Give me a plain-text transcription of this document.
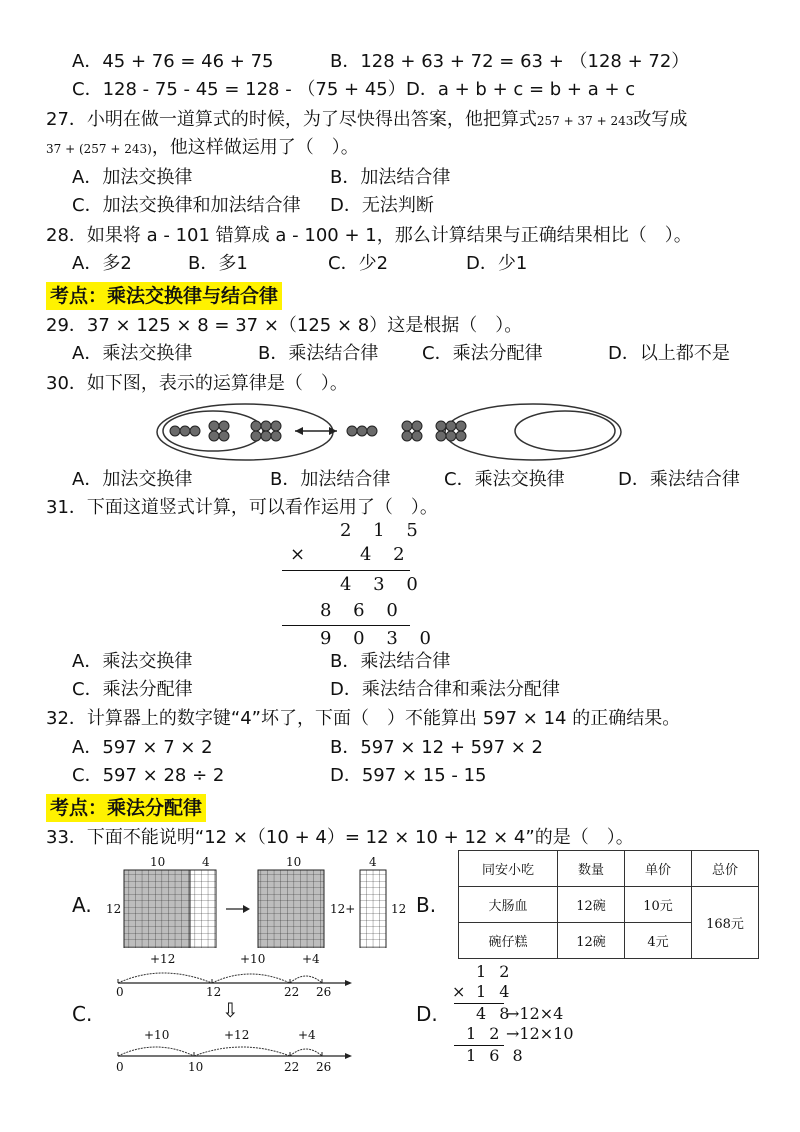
A．45 + 76 = 46 + 75	B．128 + 63 + 72 = 63 + （128 + 72）
C．128 - 75 - 45 = 128 - （75 + 45） D．a + b + c = b + a + c
27．小明在做一道算式的时候，为了尽快得出答案，他把算式257 + 37 + 243改写成
37 + (257 + 243)，他这样做运用了（　）。
A．加法交换律	B．加法结合律
C．加法交换律和加法结合律 D．无法判断
28．如果将 a - 101 错算成 a - 100 + 1，那么计算结果与正确结果相比（　）。
A．多2	B．多1	C．少2	D．少1
考点：乘法交换律与结合律
29．37 × 125 × 8 = 37 ×（125 × 8）这是根据（　）。
A．乘法交换律	B．乘法结合律 C．乘法分配律	D．以上都不是
30．如下图，表示的运算律是（　）。
A．加法交换律	B．加法结合律	C．乘法交换律	D．乘法结合律
31．下面这道竖式计算，可以看作运用了（　）。
2 1 5
×	4 2
4 3 0
8 6 0
9 0 3 0
A．乘法交换律	B．乘法结合律
C．乘法分配律	D．乘法结合律和乘法分配律
32．计算器上的数字键“4”坏了，下面（　）不能算出 597 × 14 的正确结果。
A．597 × 7 × 2	B．597 × 12 + 597 × 2
C．597 × 28 ÷ 2	D．597 × 15 - 15
考点：乘法分配律
33．下面不能说明“12 ×（10 + 4）= 12 × 10 + 12 × 4”的是（　）。
A.
10	4
12
10	4
12+	12 B.
同安小吃	数量	单价	总价
大肠血	12碗	10元	168元
碗仔糕	12碗	4元	
+12	+10	+4
0	12	22 26
⇩
C.
+10	+12	+4
0	10	22 26
D.
1 2
× 1 4
4 8
→12×4
1 2 →12×10
1 6 8
